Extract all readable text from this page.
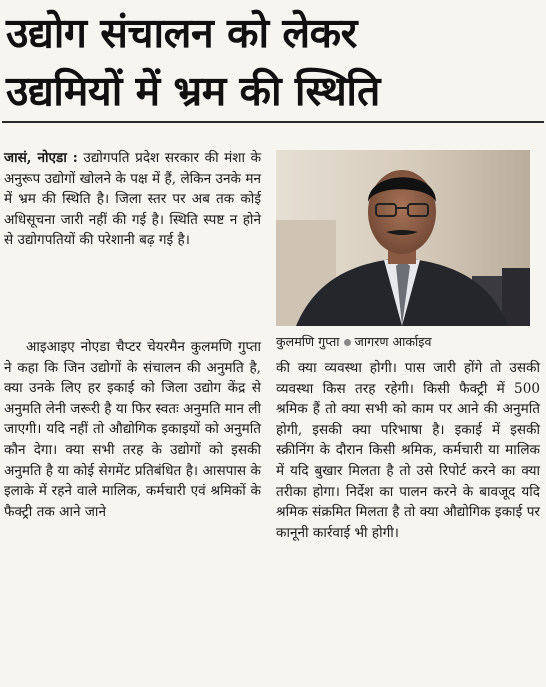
उद्योग संचालन को लेकर
उद्यमियों में भ्रम की स्थिति

जासं, नोएडा : उद्योगपति प्रदेश सरकार की मंशा के अनुरूप उद्योगों खोलने के पक्ष में हैं, लेकिन उनके मन में भ्रम की स्थिति है। जिला स्तर पर अब तक कोई अधिसूचना जारी नहीं की गई है। स्थिति स्पष्ट न होने से उद्योगपतियों की परेशानी बढ़ गई है।

कुलमणि गुप्ता जागरण आर्काइव

आइआइए नोएडा चैप्टर चेयरमैन कुलमणि गुप्ता ने कहा कि जिन उद्योगों के संचालन की अनुमति है, क्या उनके लिए हर इकाई को जिला उद्योग केंद्र से अनुमति लेनी जरूरी है या फिर स्वतः अनुमति मान ली जाएगी। यदि नहीं तो औद्योगिक इकाइयों को अनुमति कौन देगा। क्या सभी तरह के उद्योगों को इसकी अनुमति है या कोई सेगमेंट प्रतिबंधित है। आसपास के इलाके में रहने वाले मालिक, कर्मचारी एवं श्रमिकों के फैक्ट्री तक आने जाने

की क्या व्यवस्था होगी। पास जारी होंगे तो उसकी व्यवस्था किस तरह रहेगी। किसी फैक्ट्री में 500 श्रमिक हैं तो क्या सभी को काम पर आने की अनुमति होगी, इसकी क्या परिभाषा है। इकाई में इसकी स्क्रीनिंग के दौरान किसी श्रमिक, कर्मचारी या मालिक में यदि बुखार मिलता है तो उसे रिपोर्ट करने का क्या तरीका होगा। निर्देश का पालन करने के बावजूद यदि श्रमिक संक्रमित मिलता है तो क्या औद्योगिक इकाई पर कानूनी कार्रवाई भी होगी।
